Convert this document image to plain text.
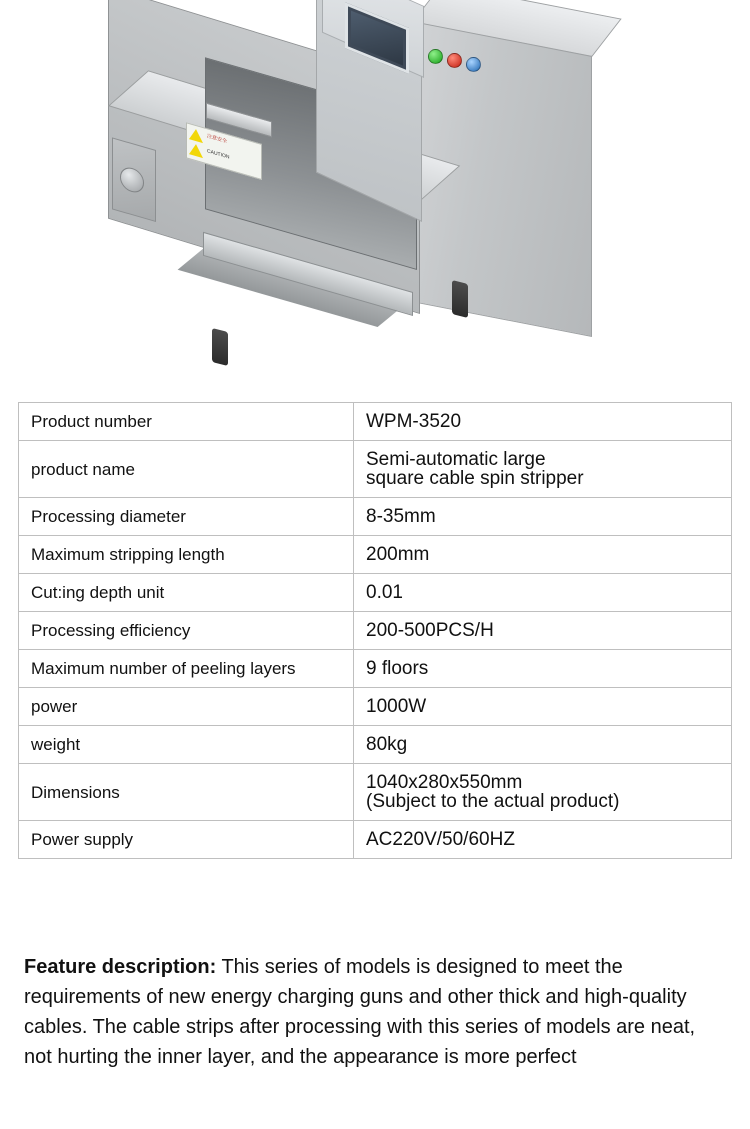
注意安全
CAUTION
Product number	WPM-3520

product name	Semi-automatic large
square cable spin stripper

Processing diameter	8-35mm

Maximum stripping length	200mm

Cut:ing depth unit	0.01

Processing efficiency	200-500PCS/H

Maximum number of peeling layers	9 floors

power	1000W

weight	80kg

Dimensions	1040x280x550mm
(Subject to the actual product)

Power supply	AC220V/50/60HZ
Feature description: This series of models is designed to meet the requirements of new energy charging guns and other thick and high-quality cables. The cable strips after processing with this series of models are neat, not hurting the inner layer, and the appearance is more perfect
